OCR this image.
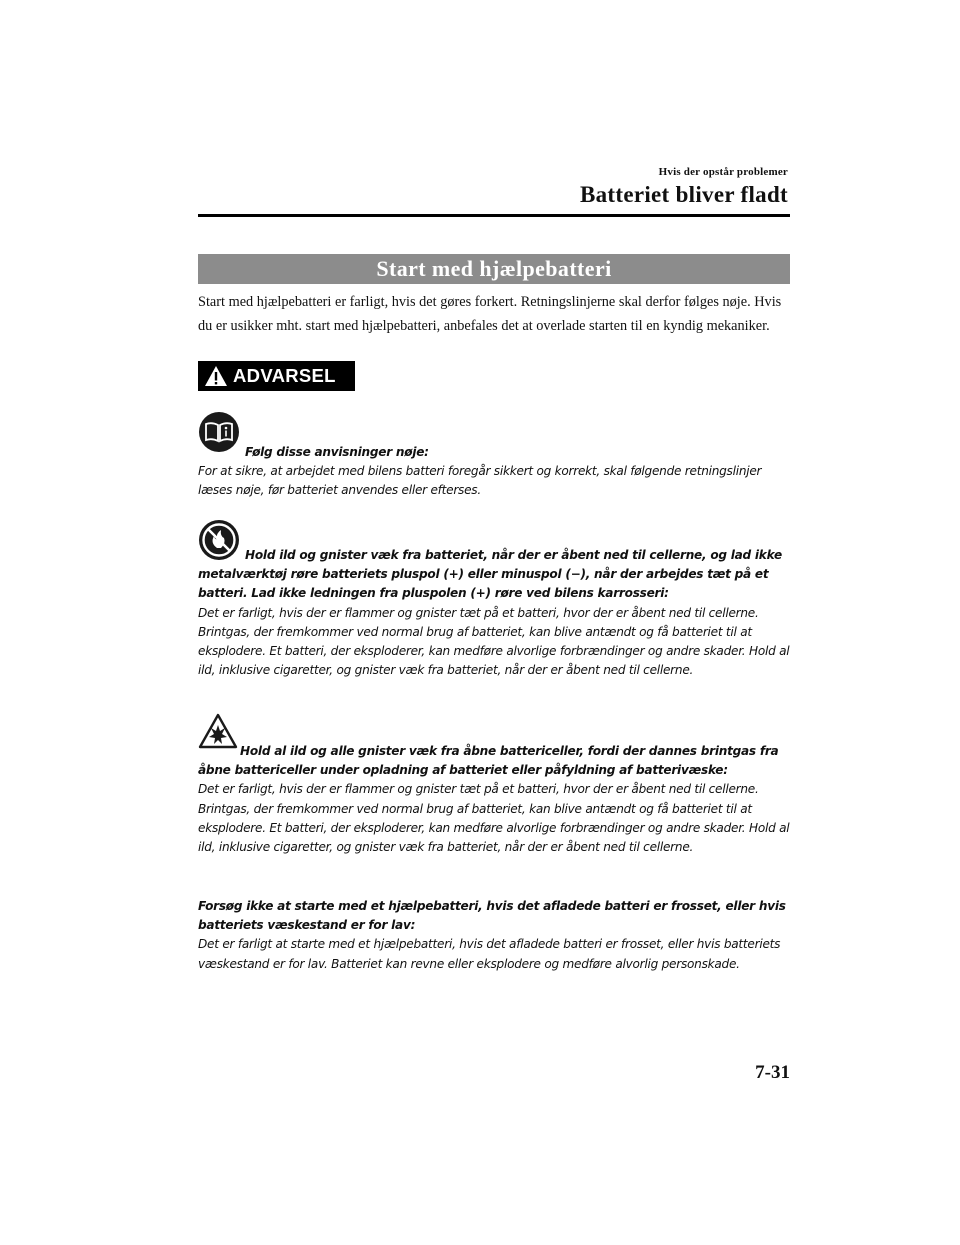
Hvis der opstår problemer
Batteriet bliver fladt
Start med hjælpebatteri
Start med hjælpebatteri er farligt, hvis det gøres forkert. Retningslinjerne skal derfor følges nøje. Hvis du er usikker mht. start med hjælpebatteri, anbefales det at overlade starten til en kyndig mekaniker.
ADVARSEL
Følg disse anvisninger nøje:
For at sikre, at arbejdet med bilens batteri foregår sikkert og korrekt, skal følgende retningslinjer læses nøje, før batteriet anvendes eller efterses.
Hold ild og gnister væk fra batteriet, når der er åbent ned til cellerne, og lad ikke metalværktøj røre batteriets pluspol (+) eller minuspol (−), når der arbejdes tæt på et batteri. Lad ikke ledningen fra pluspolen (+) røre ved bilens karrosseri:
Det er farligt, hvis der er flammer og gnister tæt på et batteri, hvor der er åbent ned til cellerne. Brintgas, der fremkommer ved normal brug af batteriet, kan blive antændt og få batteriet til at eksplodere. Et batteri, der eksploderer, kan medføre alvorlige forbrændinger og andre skader. Hold al ild, inklusive cigaretter, og gnister væk fra batteriet, når der er åbent ned til cellerne.
Hold al ild og alle gnister væk fra åbne battericeller, fordi der dannes brintgas fra åbne battericeller under opladning af batteriet eller påfyldning af batterivæske:
Det er farligt, hvis der er flammer og gnister tæt på et batteri, hvor der er åbent ned til cellerne. Brintgas, der fremkommer ved normal brug af batteriet, kan blive antændt og få batteriet til at eksplodere. Et batteri, der eksploderer, kan medføre alvorlige forbrændinger og andre skader. Hold al ild, inklusive cigaretter, og gnister væk fra batteriet, når der er åbent ned til cellerne.
Forsøg ikke at starte med et hjælpebatteri, hvis det afladede batteri er frosset, eller hvis batteriets væskestand er for lav:
Det er farligt at starte med et hjælpebatteri, hvis det afladede batteri er frosset, eller hvis batteriets væskestand er for lav. Batteriet kan revne eller eksplodere og medføre alvorlig personskade.
7-31
